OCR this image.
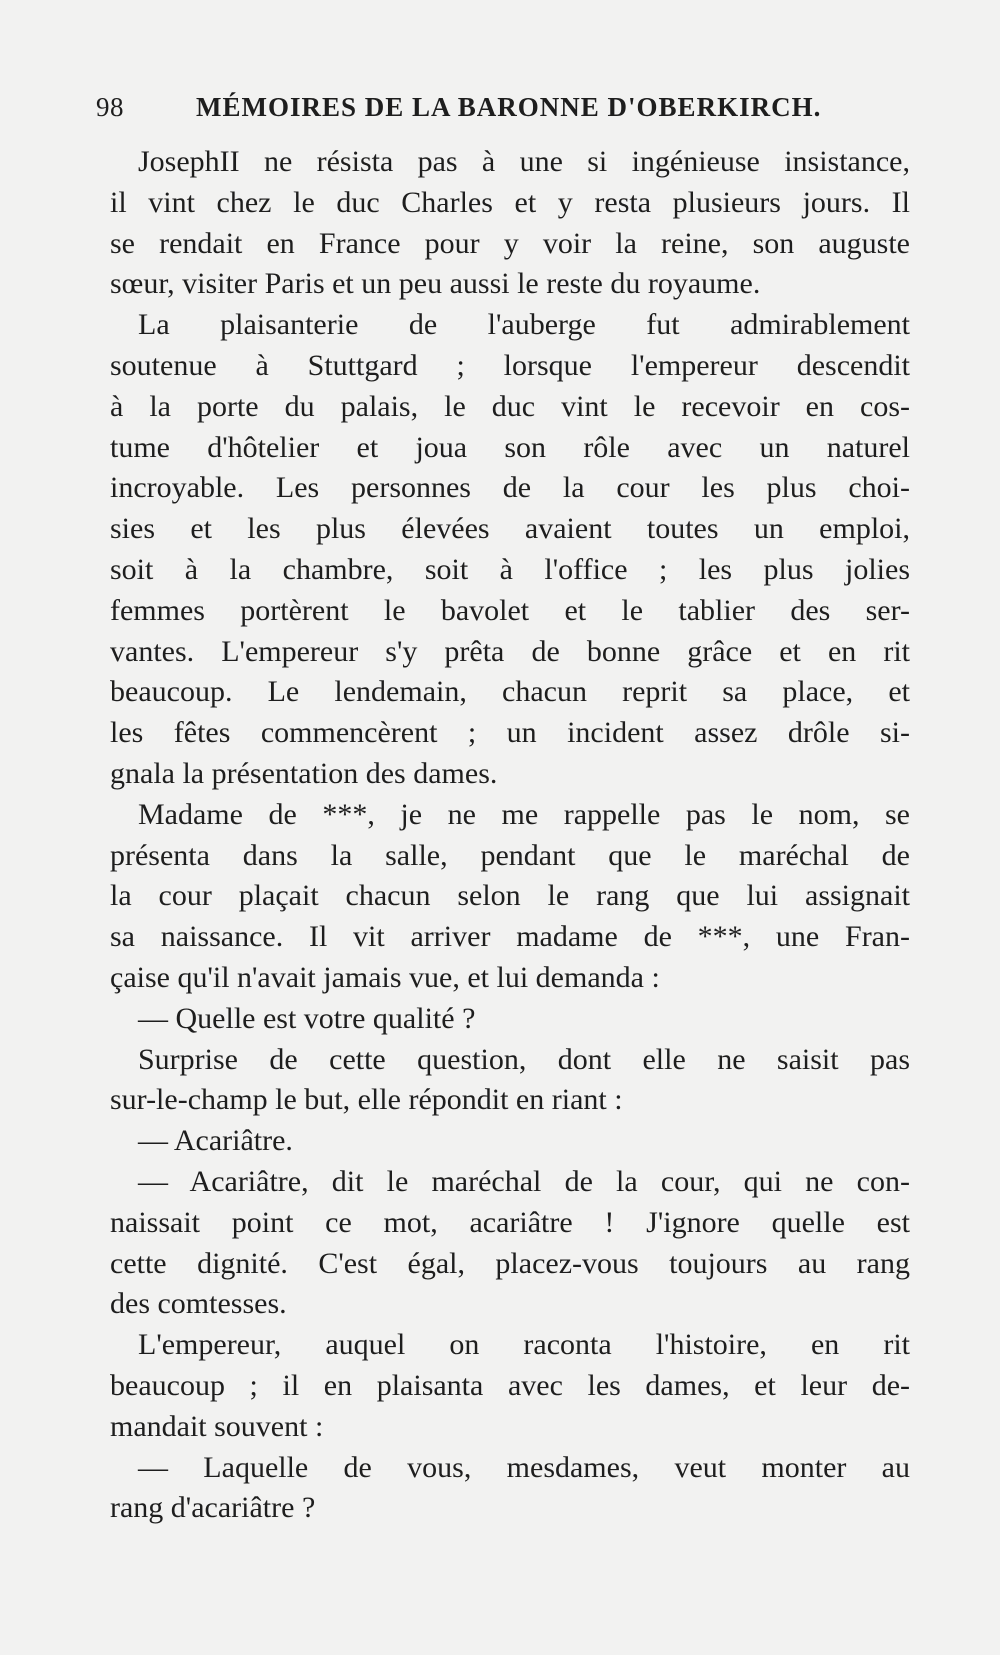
98	MÉMOIRES DE LA BARONNE D'OBERKIRCH.
JosephII ne résista pas à une si ingénieuse insistance,
il vint chez le duc Charles et y resta plusieurs jours. Il
se rendait en France pour y voir la reine, son auguste
sœur, visiter Paris et un peu aussi le reste du royaume.
La plaisanterie de l'auberge fut admirablement
soutenue à Stuttgard ; lorsque l'empereur descendit
à la porte du palais, le duc vint le recevoir en cos-
tume d'hôtelier et joua son rôle avec un naturel
incroyable. Les personnes de la cour les plus choi-
sies et les plus élevées avaient toutes un emploi,
soit à la chambre, soit à l'office ; les plus jolies
femmes portèrent le bavolet et le tablier des ser-
vantes. L'empereur s'y prêta de bonne grâce et en rit
beaucoup. Le lendemain, chacun reprit sa place, et
les fêtes commencèrent ; un incident assez drôle si-
gnala la présentation des dames.
Madame de ***, je ne me rappelle pas le nom, se
présenta dans la salle, pendant que le maréchal de
la cour plaçait chacun selon le rang que lui assignait
sa naissance. Il vit arriver madame de ***, une Fran-
çaise qu'il n'avait jamais vue, et lui demanda :
— Quelle est votre qualité ?
Surprise de cette question, dont elle ne saisit pas
sur-le-champ le but, elle répondit en riant :
— Acariâtre.
— Acariâtre, dit le maréchal de la cour, qui ne con-
naissait point ce mot, acariâtre ! J'ignore quelle est
cette dignité. C'est égal, placez-vous toujours au rang
des comtesses.
L'empereur, auquel on raconta l'histoire, en rit
beaucoup ; il en plaisanta avec les dames, et leur de-
mandait souvent :
— Laquelle de vous, mesdames, veut monter au
rang d'acariâtre ?
